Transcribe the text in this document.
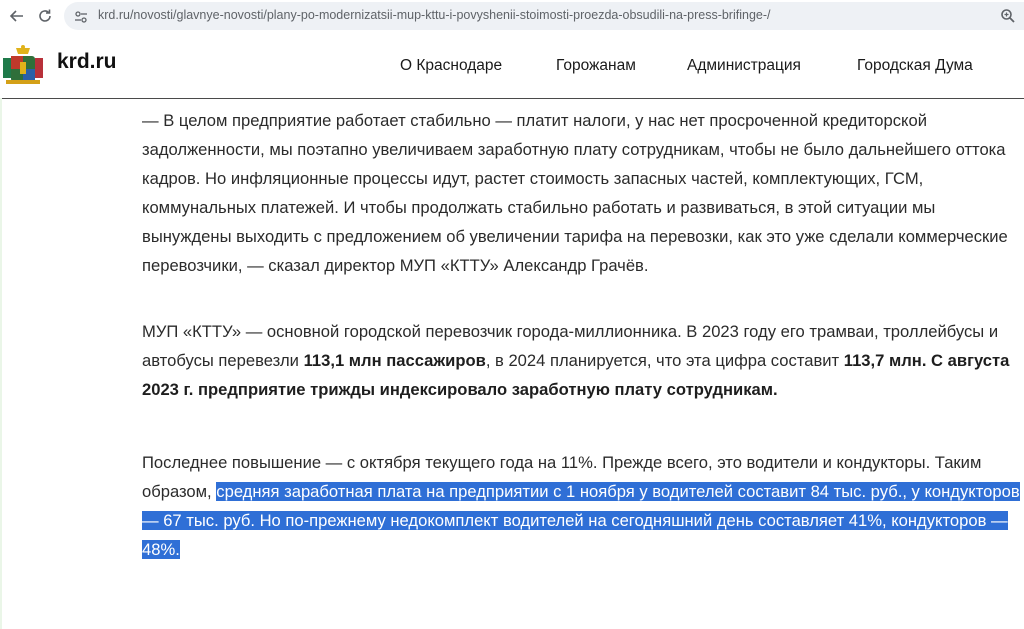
krd.ru/novosti/glavnye-novosti/plany-po-modernizatsii-mup-kttu-i-povyshenii-stoimosti-proezda-obsudili-na-press-brifinge-/
krd.ru	О Краснодаре	Горожанам	Администрация	Городская Дума

— В целом предприятие работает стабильно — платит налоги, у нас нет просроченной кредиторской задолженности, мы поэтапно увеличиваем заработную плату сотрудникам, чтобы не было дальнейшего оттока кадров. Но инфляционные процессы идут, растет стоимость запасных частей, комплектующих, ГСМ, коммунальных платежей. И чтобы продолжать стабильно работать и развиваться, в этой ситуации мы вынуждены выходить с предложением об увеличении тарифа на перевозки, как это уже сделали коммерческие перевозчики, — сказал директор МУП «КТТУ» Александр Грачёв.

МУП «КТТУ» — основной городской перевозчик города-миллионника. В 2023 году его трамваи, троллейбусы и автобусы перевезли 113,1 млн пассажиров, в 2024 планируется, что эта цифра составит 113,7 млн. С августа 2023 г. предприятие трижды индексировало заработную плату сотрудникам.

Последнее повышение — с октября текущего года на 11%. Прежде всего, это водители и кондукторы. Таким образом, средняя заработная плата на предприятии с 1 ноября у водителей составит 84 тыс. руб., у кондукторов — 67 тыс. руб. Но по-прежнему недокомплект водителей на сегодняшний день составляет 41%, кондукторов — 48%.

Активация Wi
Чтобы активир
